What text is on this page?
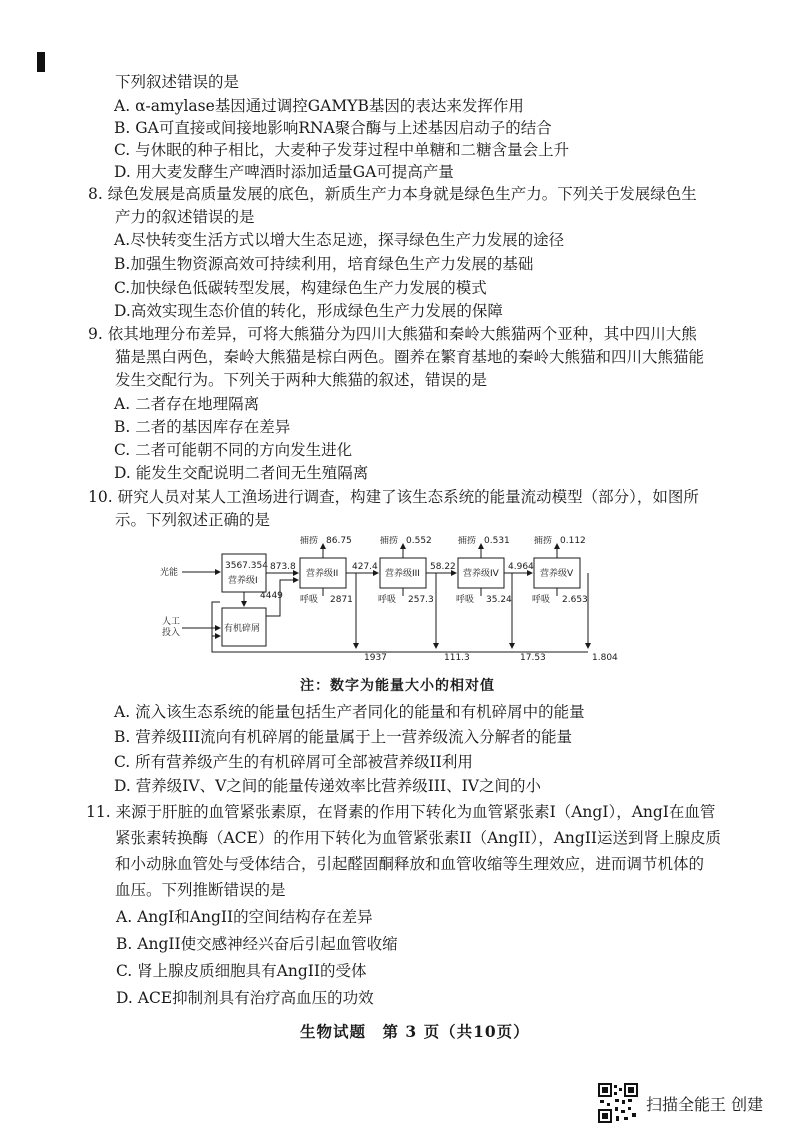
下列叙述错误的是
A. α-amylase基因通过调控GAMYB基因的表达来发挥作用
B. GA可直接或间接地影响RNA聚合酶与上述基因启动子的结合
C. 与休眠的种子相比，大麦种子发芽过程中单糖和二糖含量会上升
D. 用大麦发酵生产啤酒时添加适量GA可提高产量
8. 绿色发展是高质量发展的底色，新质生产力本身就是绿色生产力。下列关于发展绿色生
产力的叙述错误的是
A.尽快转变生活方式以增大生态足迹，探寻绿色生产力发展的途径
B.加强生物资源高效可持续利用，培育绿色生产力发展的基础
C.加快绿色低碳转型发展，构建绿色生产力发展的模式
D.高效实现生态价值的转化，形成绿色生产力发展的保障
9. 依其地理分布差异，可将大熊猫分为四川大熊猫和秦岭大熊猫两个亚种，其中四川大熊
猫是黑白两色，秦岭大熊猫是棕白两色。圈养在繁育基地的秦岭大熊猫和四川大熊猫能
发生交配行为。下列关于两种大熊猫的叙述，错误的是
A. 二者存在地理隔离
B. 二者的基因库存在差异
C. 二者可能朝不同的方向发生进化
D. 能发生交配说明二者间无生殖隔离
10. 研究人员对某人工渔场进行调查，构建了该生态系统的能量流动模型（部分），如图所
示。下列叙述正确的是
光能
人工
投入
3567.354
营养级I
有机碎屑
4449
873.8
营养级II
捕捞 86.75
呼吸 2871
1937
427.4
营养级III
捕捞 0.552
呼吸 257.3
111.3
58.22
营养级IV
捕捞 0.531
呼吸 35.24
17.53
4.964
营养级V
捕捞 0.112
呼吸 2.653
1.804
注：数字为能量大小的相对值
A. 流入该生态系统的能量包括生产者同化的能量和有机碎屑中的能量
B. 营养级III流向有机碎屑的能量属于上一营养级流入分解者的能量
C. 所有营养级产生的有机碎屑可全部被营养级II利用
D. 营养级IV、V之间的能量传递效率比营养级III、IV之间的小
11. 来源于肝脏的血管紧张素原，在肾素的作用下转化为血管紧张素I（AngI），AngI在血管
紧张素转换酶（ACE）的作用下转化为血管紧张素II（AngII），AngII运送到肾上腺皮质
和小动脉血管处与受体结合，引起醛固酮释放和血管收缩等生理效应，进而调节机体的
血压。下列推断错误的是
A. AngI和AngII的空间结构存在差异
B. AngII使交感神经兴奋后引起血管收缩
C. 肾上腺皮质细胞具有AngII的受体
D. ACE抑制剂具有治疗高血压的功效
生物试题　第 3 页（共10页）
扫描全能王 创建
